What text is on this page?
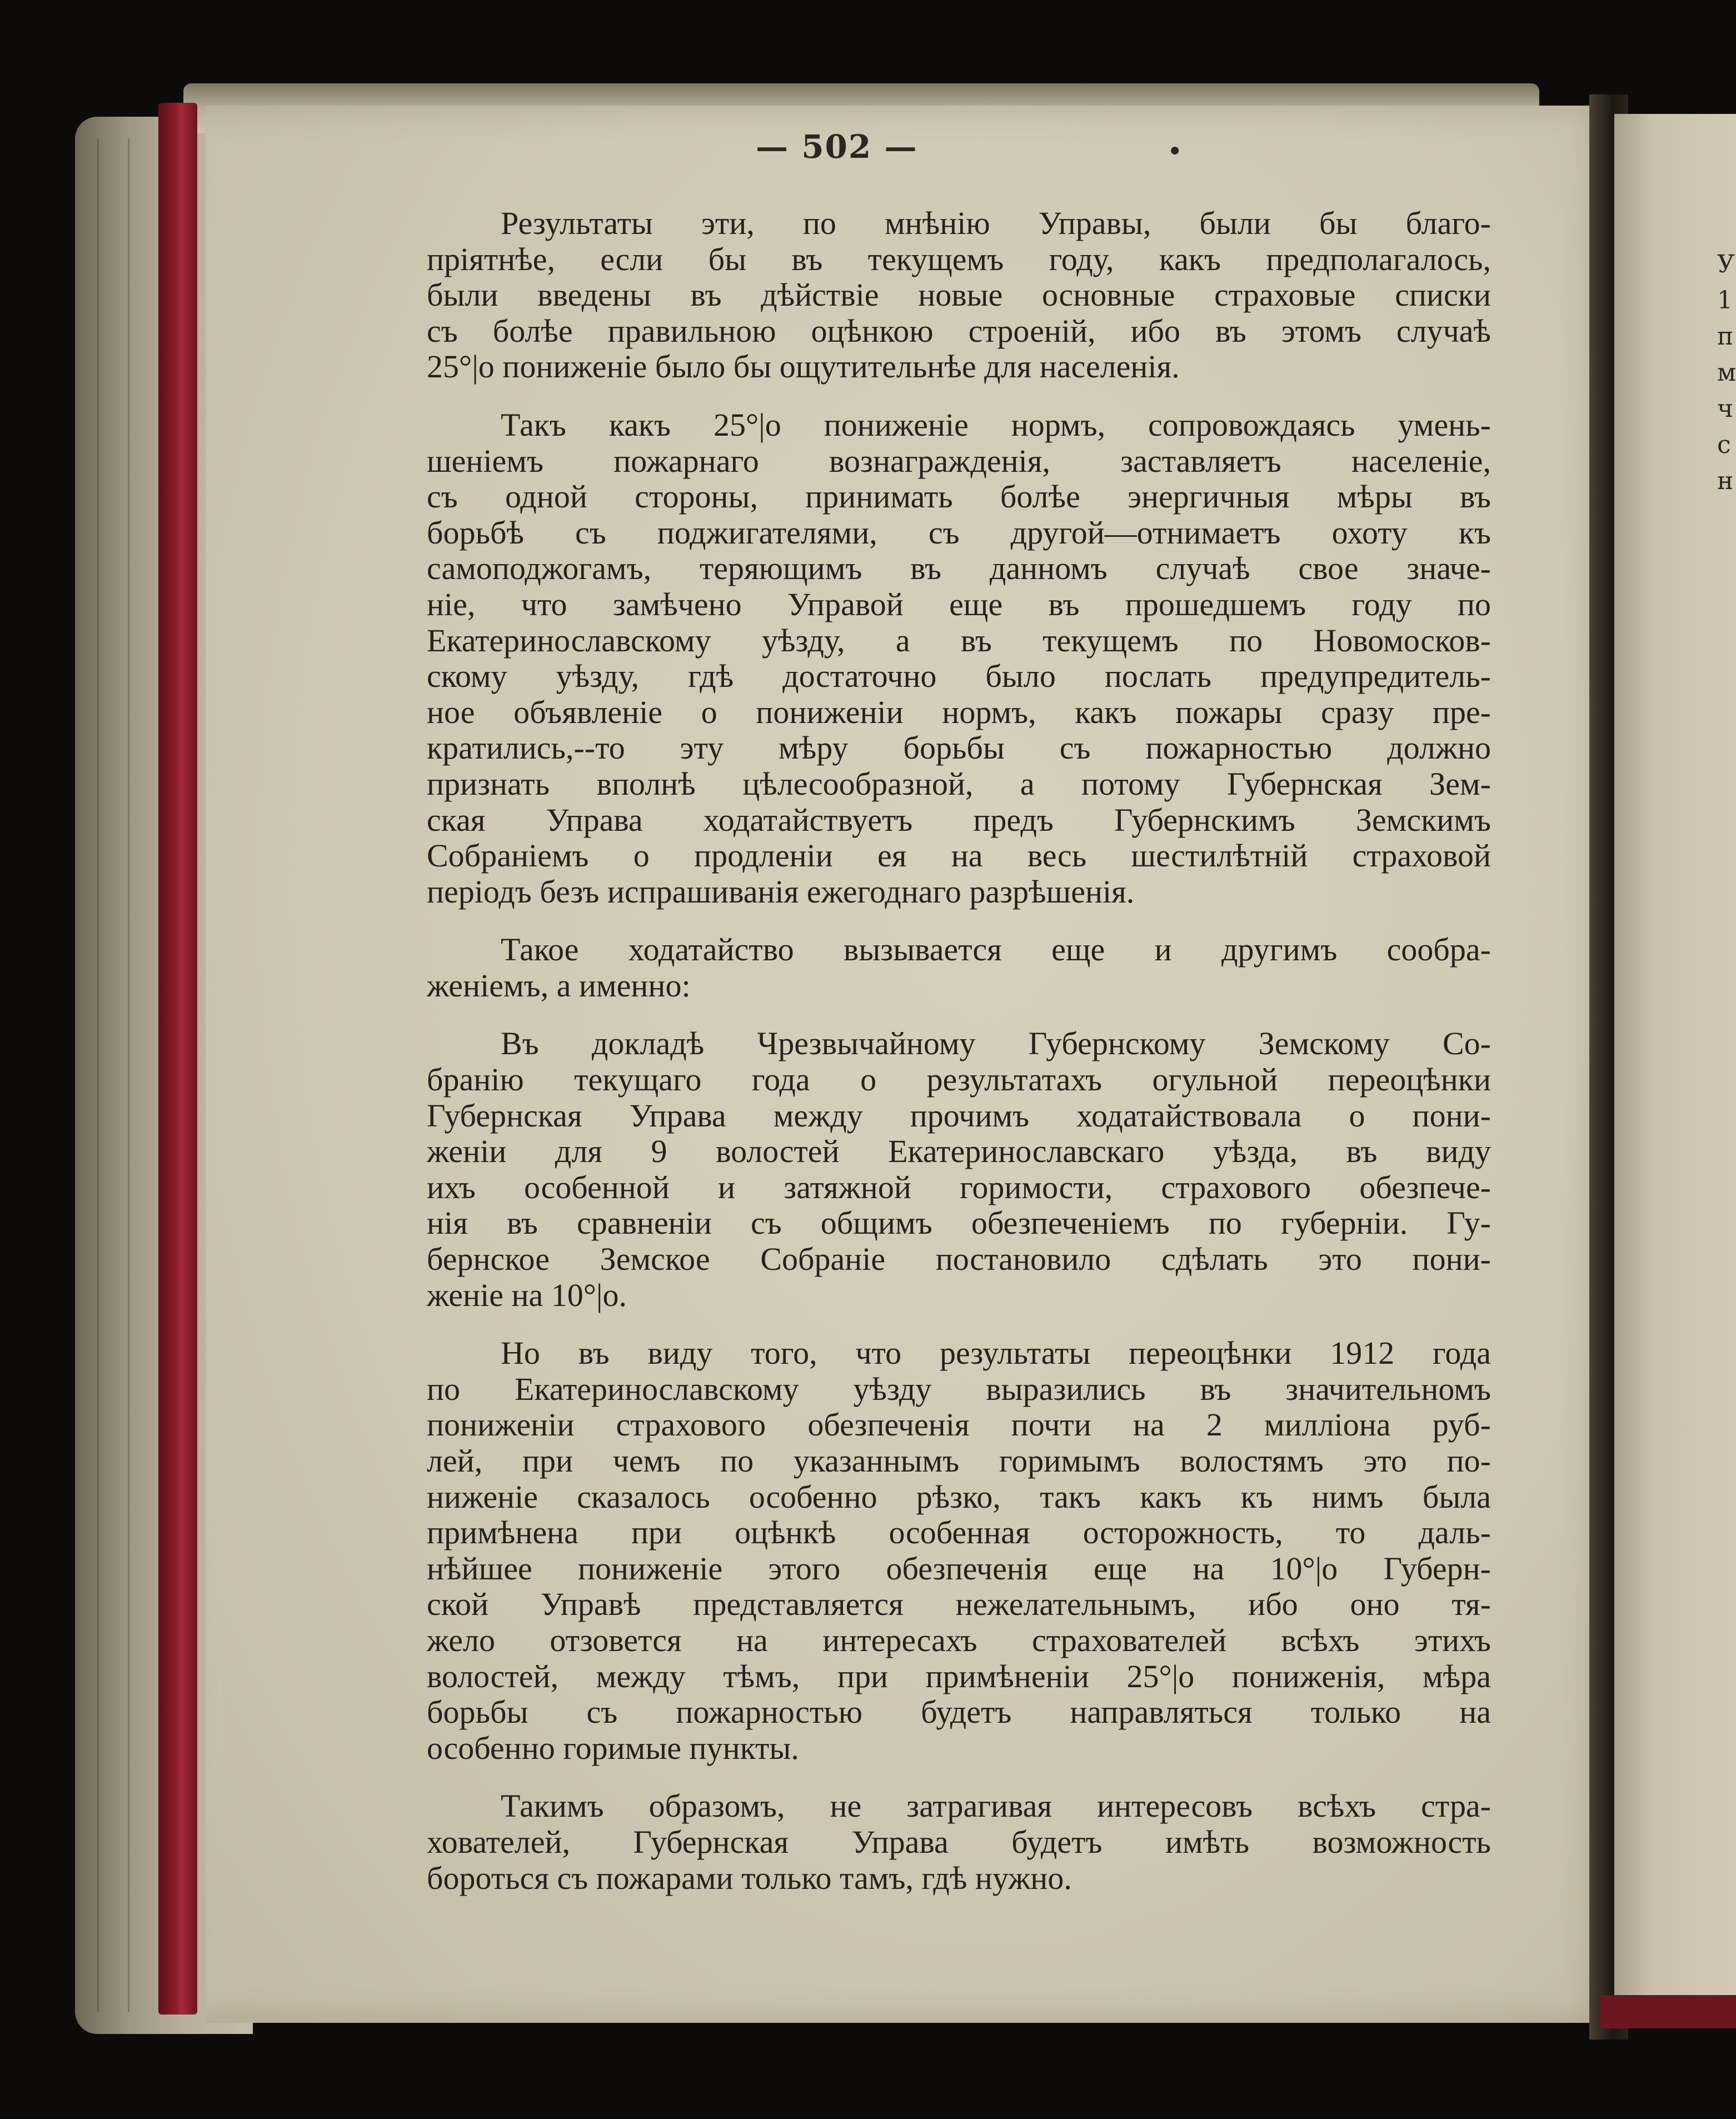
У
1
п
м
ч
с
н
— 502 —	•
Результаты эти, по мнѣнію Управы, были бы благо-
пріятнѣе, если бы въ текущемъ году, какъ предполагалось,
были введены въ дѣйствіе новые основные страховые списки
съ болѣе правильною оцѣнкою строеній, ибо въ этомъ случаѣ
25°|о пониженіе было бы ощутительнѣе для населенія.
Такъ какъ 25°|о пониженіе нормъ, сопровождаясь умень-
шеніемъ пожарнаго вознагражденія, заставляетъ населеніе,
съ одной стороны, принимать болѣе энергичныя мѣры въ
борьбѣ съ поджигателями, съ другой—отнимаетъ охоту къ
самоподжогамъ, теряющимъ въ данномъ случаѣ свое значе-
ніе, что замѣчено Управой еще въ прошедшемъ году по
Екатеринославскому уѣзду, а въ текущемъ по Новомосков-
скому уѣзду, гдѣ достаточно было послать предупредитель-
ное объявленіе о пониженіи нормъ, какъ пожары сразу пре-
кратились,--то эту мѣру борьбы съ пожарностью должно
признать вполнѣ цѣлесообразной, а потому Губернская Зем-
ская Управа ходатайствуетъ предъ Губернскимъ Земскимъ
Собраніемъ о продленіи ея на весь шестилѣтній страховой
періодъ безъ испрашиванія ежегоднаго разрѣшенія.
Такое ходатайство вызывается еще и другимъ сообра-
женіемъ, а именно:
Въ докладѣ Чрезвычайному Губернскому Земскому Со-
бранію текущаго года о результатахъ огульной переоцѣнки
Губернская Управа между прочимъ ходатайствовала о пони-
женіи для 9 волостей Екатеринославскаго уѣзда, въ виду
ихъ особенной и затяжной горимости, страхового обезпече-
нія въ сравненіи съ общимъ обезпеченіемъ по губерніи. Гу-
бернское Земское Собраніе постановило сдѣлать это пони-
женіе на 10°|о.
Но въ виду того, что результаты переоцѣнки 1912 года
по Екатеринославскому уѣзду выразились въ значительномъ
пониженіи страхового обезпеченія почти на 2 милліона руб-
лей, при чемъ по указаннымъ горимымъ волостямъ это по-
ниженіе сказалось особенно рѣзко, такъ какъ къ нимъ была
примѣнена при оцѣнкѣ особенная осторожность, то даль-
нѣйшее пониженіе этого обезпеченія еще на 10°|о Губерн-
ской Управѣ представляется нежелательнымъ, ибо оно тя-
жело отзовется на интересахъ страхователей всѣхъ этихъ
волостей, между тѣмъ, при примѣненіи 25°|о пониженія, мѣра
борьбы съ пожарностью будетъ направляться только на
особенно горимые пункты.
Такимъ образомъ, не затрагивая интересовъ всѣхъ стра-
хователей, Губернская Управа будетъ имѣть возможность
бороться съ пожарами только тамъ, гдѣ нужно.
